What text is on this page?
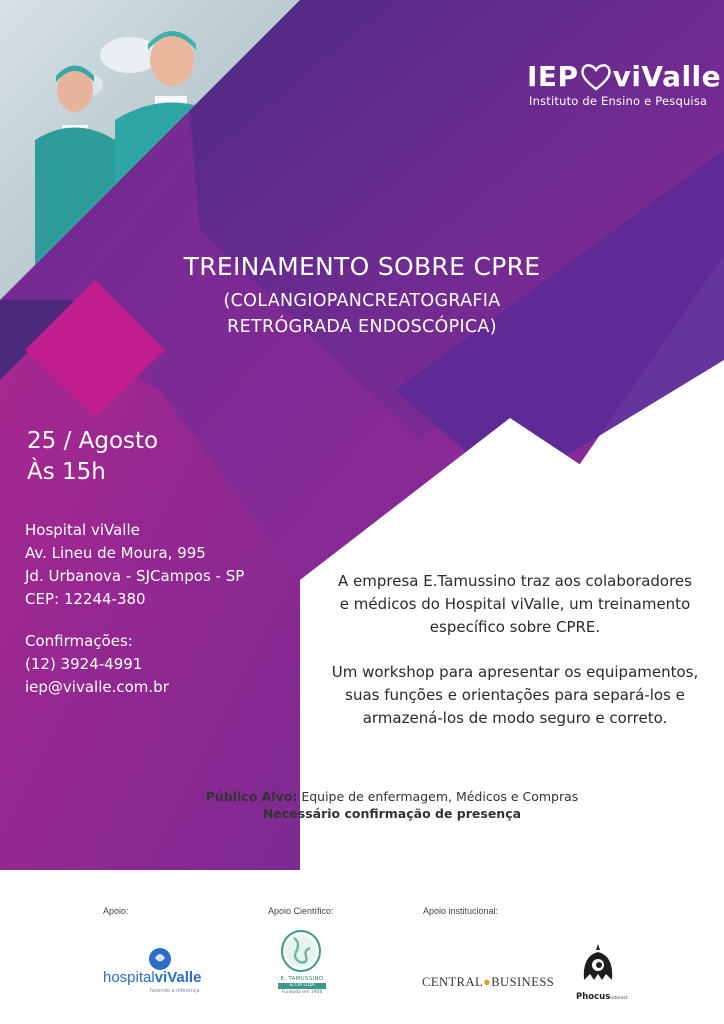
IEP viValle
Instituto de Ensino e Pesquisa
TREINAMENTO SOBRE CPRE
(COLANGIOPANCREATOGRAFIA
RETRÓGRADA ENDOSCÓPICA)
25 / Agosto
Às 15h
Hospital viValle
Av. Lineu de Moura, 995
Jd. Urbanova - SJCampos - SP
CEP: 12244-380
Confirmações:
(12) 3924-4991
iep@vivalle.com.br

A empresa E.Tamussino traz aos colaboradores

e médicos do Hospital viValle, um treinamento

específico sobre CPRE.

Um workshop para apresentar os equipamentos,

suas funções e orientações para separá-los e

armazená-los de modo seguro e correto.

Público Alvo: Equipe de enfermagem, Médicos e Compras
Necessário confirmação de presença
Apoio:	Apoio Científico:	Apoio institucional:
hospitalviValle
fazendo a diferença
E. TAMUSSINO
& CIA LTDA
Fundada em 1956
CENTRAL●BUSINESS
PhocusInteract
